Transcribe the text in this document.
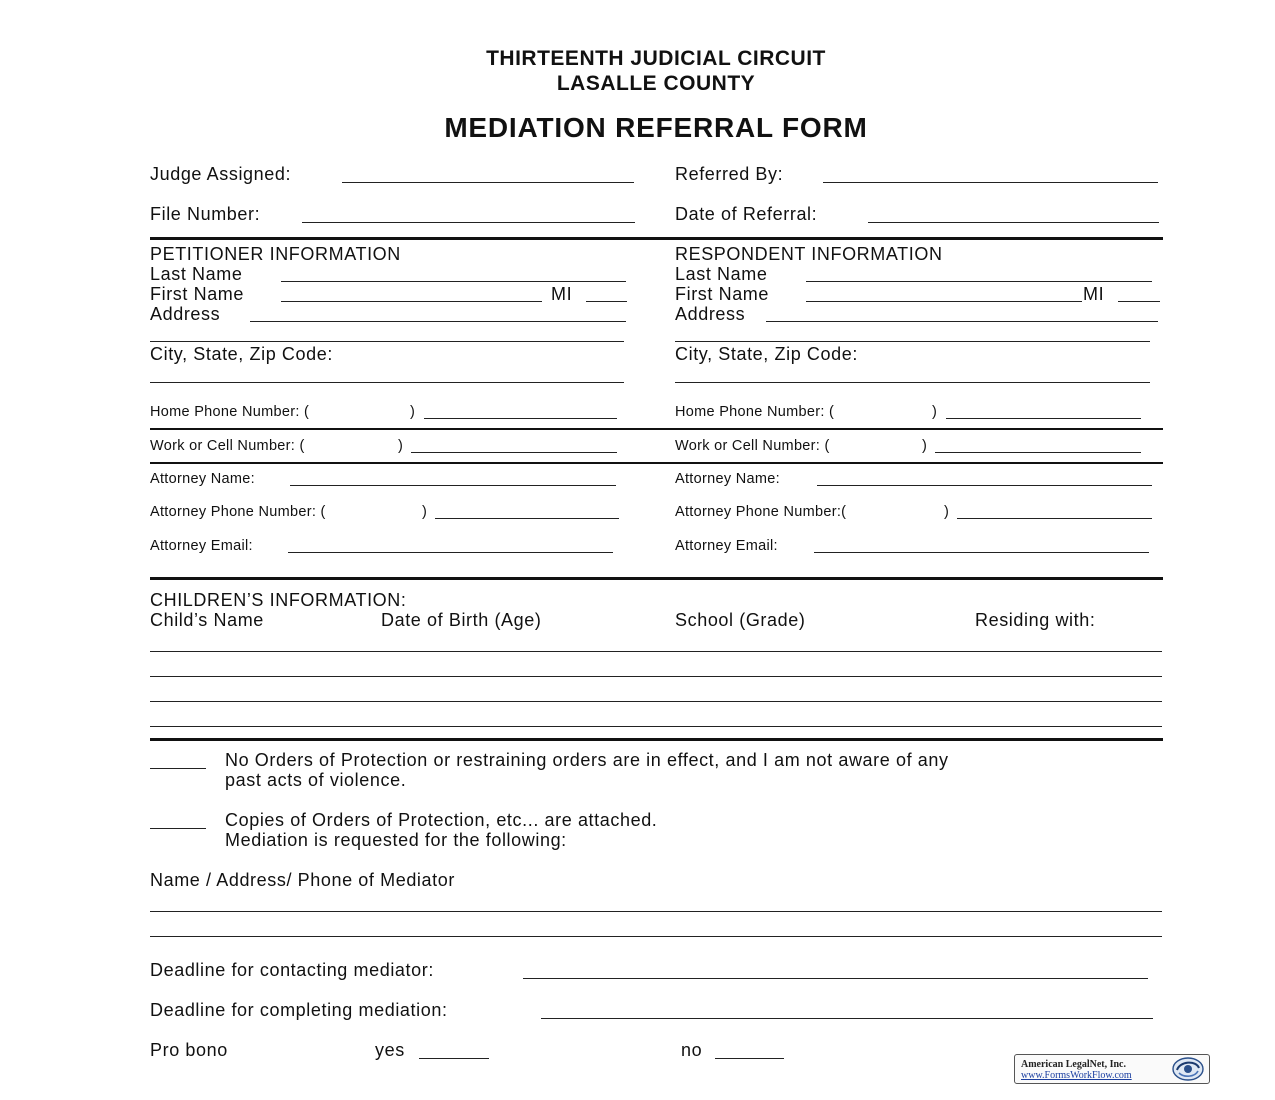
THIRTEENTH JUDICIAL CIRCUIT
LASALLE COUNTY
MEDIATION REFERRAL FORM
Judge Assigned:	Referred By:
File Number:	Date of Referral:
PETITIONER INFORMATION
Last Name
First Name	MI
Address
City, State, Zip Code:
Home Phone Number: (	)
Work or Cell Number: (	)
Attorney Name:
Attorney Phone Number: (	)
Attorney Email:
RESPONDENT INFORMATION
Last Name
First Name	MI
Address
City, State, Zip Code:
Home Phone Number: (	)
Work or Cell Number: (	)
Attorney Name:
Attorney Phone Number:(	)
Attorney Email:
CHILDREN’S INFORMATION:
Child’s Name	Date of Birth (Age)	School (Grade)	Residing with:
No Orders of Protection or restraining orders are in effect, and I am not aware of any
past acts of violence.
Copies of Orders of Protection, etc... are attached.
Mediation is requested for the following:
Name / Address/ Phone of Mediator
Deadline for contacting mediator:
Deadline for completing mediation:
Pro bono	yes	no
American LegalNet, Inc.
www.FormsWorkFlow.com
